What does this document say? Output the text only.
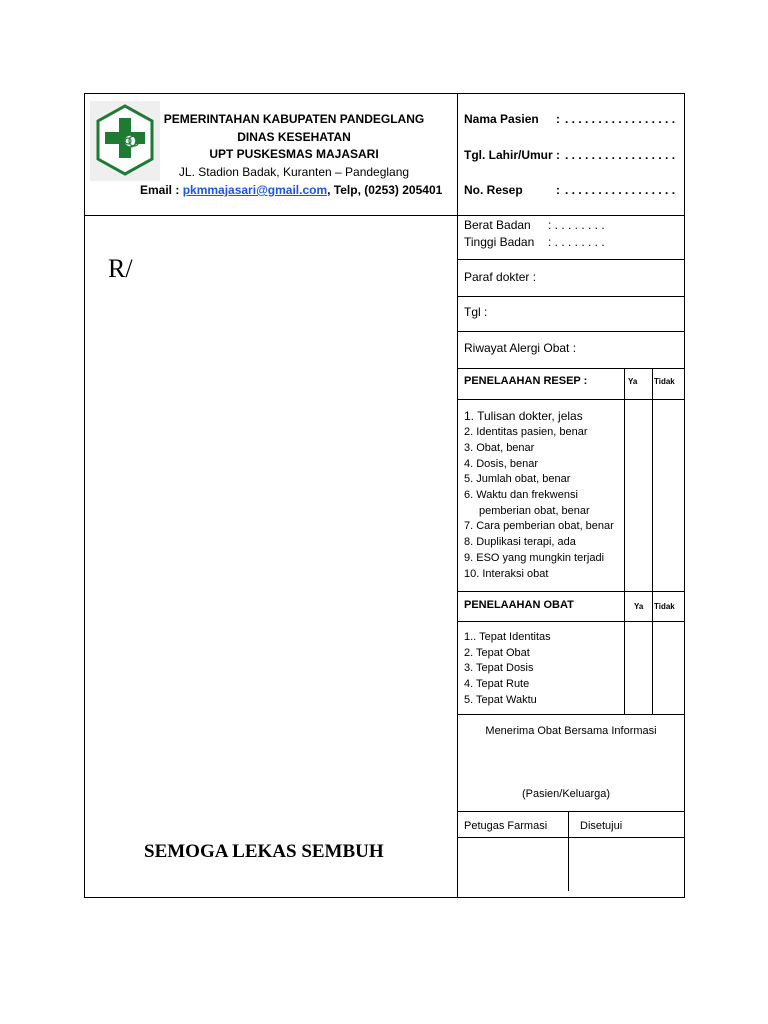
PEMERINTAHAN KABUPATEN PANDEGLANG
DINAS KESEHATAN
UPT PUSKESMAS MAJASARI
JL. Stadion Badak, Kuranten – Pandeglang
Email : pkmmajasari@gmail.com, Telp, (0253) 205401
Nama Pasien : . . . . . . . . . . . . . . . . .
Tgl. Lahir/Umur : . . . . . . . . . . . . . . . . .
No. Resep	: . . . . . . . . . . . . . . . . .
Berat Badan : . . . . . . . .
Tinggi Badan : . . . . . . . .
Paraf dokter :
Tgl :
Riwayat Alergi Obat :
PENELAAHAN RESEP :	Ya Tidak
1. Tulisan dokter, jelas
2. Identitas pasien, benar
3. Obat, benar
4. Dosis, benar
5. Jumlah obat, benar
6. Waktu dan frekwensi
pemberian obat, benar
7. Cara pemberian obat, benar
8. Duplikasi terapi, ada
9. ESO yang mungkin terjadi
10. Interaksi obat
PENELAAHAN OBAT	Ya Tidak
1.. Tepat Identitas
2. Tepat Obat
3. Tepat Dosis
4. Tepat Rute
5. Tepat Waktu
Menerima Obat Bersama Informasi
(Pasien/Keluarga)
Petugas Farmasi	Disetujui
R/
SEMOGA LEKAS SEMBUH
